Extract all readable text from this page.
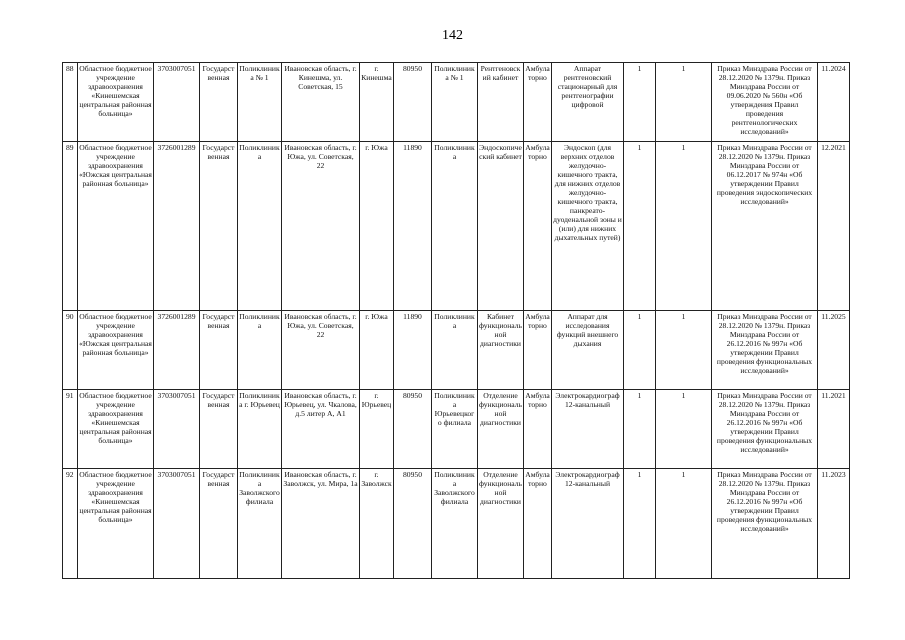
142
88	Областное бюджетное учреждение здравоохранения «Кинешемская центральная районная больница»	3703007051	Государственная	Поликлиника № 1	Ивановская область, г. Кинешма, ул. Советская, 15	г. Кинешма	80950	Поликлиника № 1	Рентгеновский кабинет	Амбулаторно	Аппарат рентгеновский стационарный для рентгенографии цифровой	1	1	Приказ Минздрава России от 28.12.2020 № 1379н. Приказ Минздрава России от 09.06.2020 № 560н «Об утверждения Правил проведения рентгенологических исследований»	11.2024
89	Областное бюджетное учреждение здравоохранения «Южская центральная районная больница»	3726001289	Государственная	Поликлиника	Ивановская область, г. Южа, ул. Советская, 22	г. Южа	11890	Поликлиника	Эндоскопический кабинет	Амбулаторно	Эндоскоп (для верхних отделов желудочно-кишечного тракта, для нижних отделов желудочно-кишечного тракта, панкреато-дуоденальной зоны и (или) для нижних дыхательных путей)	1	1	Приказ Минздрава России от 28.12.2020 № 1379н. Приказ Минздрава России от 06.12.2017 № 974н «Об утверждении Правил проведения эндоскопических исследований»	12.2021
90	Областное бюджетное учреждение здравоохранения «Южская центральная районная больница»	3726001289	Государственная	Поликлиника	Ивановская область, г. Южа, ул. Советская, 22	г. Южа	11890	Поликлиника	Кабинет функциональной диагностики	Амбулаторно	Аппарат для исследования функций внешнего дыхания	1	1	Приказ Минздрава России от 28.12.2020 № 1379н. Приказ Минздрава России от 26.12.2016 № 997н «Об утверждении Правил проведения функциональных исследований»	11.2025
91	Областное бюджетное учреждение здравоохранения «Кинешемская центральная районная больница»	3703007051	Государственная	Поликлиника г. Юрьевец	Ивановская область, г. Юрьевец, ул. Чкалова, д.5 литер А, А1	г. Юрьевец	80950	Поликлиника Юрьевецкого филиала	Отделение функциональной диагностики	Амбулаторно	Электрокардиограф 12-канальный	1	1	Приказ Минздрава России от 28.12.2020 № 1379н. Приказ Минздрава России от 26.12.2016 № 997н «Об утверждении Правил проведения функциональных исследований»	11.2021
92	Областное бюджетное учреждение здравоохранения «Кинешемская центральная районная больница»	3703007051	Государственная	Поликлиника Заволжского филиала	Ивановская область, г. Заволжск, ул. Мира, 1а	г. Заволжск	80950	Поликлиника Заволжского филиала	Отделение функциональной диагностики	Амбулаторно	Электрокардиограф 12-канальный	1	1	Приказ Минздрава России от 28.12.2020 № 1379н. Приказ Минздрава России от 26.12.2016 № 997н «Об утверждении Правил проведения функциональных исследований»	11.2023
